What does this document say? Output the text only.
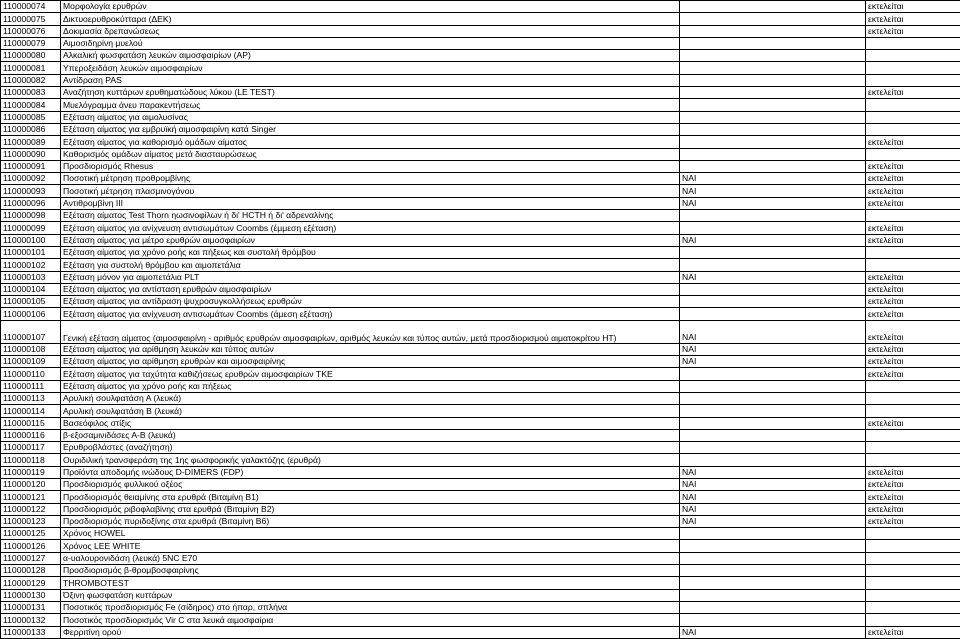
110000074	Μορφολογία ερυθρών		εκτελείται
110000075	Δικτυοερυθροκύτταρα (ΔΕΚ)		εκτελείται
110000076	Δοκιμασία δρεπανώσεως		εκτελείται
110000079	Αιμοσιδηρίνη μυελού		
110000080	Αλκαλική φωσφατάση λευκών αιμοσφαιρίων (AP)		
110000081	Υπεροξειδάση λευκών αιμοσφαιρίων		
110000082	Αντίδραση PAS		
110000083	Αναζήτηση κυττάρων ερυθηματώδους λύκου (LE TEST)		εκτελείται
110000084	Μυελόγραμμα άνευ παρακεντήσεως		
110000085	Εξέταση αίματος για αιμολυσίνας		
110000086	Εξέταση αίματος για εμβρυϊκή αιμοσφαιρίνη κατά Singer		
110000089	Εξέταση αίματος για καθορισμό ομάδων αίματος		εκτελείται
110000090	Καθορισμός ομάδων αίματος μετά διασταυρώσεως		
110000091	Προσδιορισμός Rhesus		εκτελείται
110000092	Ποσοτική μέτρηση προθρομβίνης	ΝΑΙ	εκτελείται
110000093	Ποσοτική μέτρηση πλασμινογόνου	ΝΑΙ	εκτελείται
110000096	Αντιθρομβίνη III	ΝΑΙ	εκτελείται
110000098	Εξέταση αίματος Test Thorn ηωσινοφίλων ή δι' HCTH ή δι' αδρεναλίνης		
110000099	Εξέταση αίματος για ανίχνευση αντισωμάτων Coombs (έμμεση εξέταση)		εκτελείται
110000100	Εξέταση αίματος για μέτρο ερυθρών αιμοσφαιρίων	ΝΑΙ	εκτελείται
110000101	Εξέταση αίματος για χρόνο ροής και πήξεως και συστολή θρόμβου		
110000102	Εξέταση για συστολή θρόμβου και αιμοπετάλια		
110000103	Εξέταση μόνον για αιμοπετάλια PLT	ΝΑΙ	εκτελείται
110000104	Εξέταση αίματος για αντίσταση ερυθρών αιμοσφαιρίων		εκτελείται
110000105	Εξέταση αίματος για αντίδραση ψυχροσυγκολλήσεως ερυθρών		εκτελείται
110000106	Εξέταση αίματος για ανίχνευση αντισωμάτων Coombs (άμεση εξέταση)		εκτελείται
110000107	Γενική εξέταση αίματος (αιμοσφαιρίνη - αριθμός ερυθρών αιμοσφαιρίων, αριθμός λευκών και τύπος αυτών, μετά προσδιορισμού αιματοκρίτου HT)	ΝΑΙ	εκτελείται
110000108	Εξέταση αίματος για αρίθμηση λευκών και τύπος αυτών	ΝΑΙ	εκτελείται
110000109	Εξέταση αίματος για αρίθμηση ερυθρών και αιμοσφαιρίνης	ΝΑΙ	εκτελείται
110000110	Εξέταση αίματος για ταχύτητα καθιζήσεως ερυθρών αιμοσφαιρίων TKE		εκτελείται
110000111	Εξέταση αίματος για χρόνο ροής και πήξεως		
110000113	Αρυλική σουλφατάση Α (λευκά)		
110000114	Αρυλική σουλφατάση Β (λευκά)		
110000115	Βασεόφιλος στίξις		εκτελείται
110000116	β-εξοσαμινιδάσες Α-Β (λευκά)		
110000117	Ερυθροβλάστες (αναζήτηση)		
110000118	Ουριδιλική τρανσφεράση της 1ης φωσφορικής γαλακτόζης (ερυθρά)		
110000119	Προϊόντα αποδομής ινώδους D-DIMERS (FDP)	ΝΑΙ	εκτελείται
110000120	Προσδιορισμός φυλλικού οξέος	ΝΑΙ	εκτελείται
110000121	Προσδιορισμός θειαμίνης στα ερυθρά (Βιταμίνη Β1)	ΝΑΙ	εκτελείται
110000122	Προσδιορισμός ριβοφλαβίνης στα ερυθρά (Βιταμίνη Β2)	ΝΑΙ	εκτελείται
110000123	Προσδιορισμός πυριδοξίνης στα ερυθρά (Βιταμίνη Β6)	ΝΑΙ	εκτελείται
110000125	Χρόνος HOWEL		
110000126	Χρόνος LEE WHITE		
110000127	α-υαλουρονιδάση (λευκά) 5NC E70		
110000128	Προσδιορισμός β-θρομβοσφαιρίνης		
110000129	THROMBOTEST		
110000130	Όξινη φωσφατάση κυττάρων		
110000131	Ποσοτικός προσδιορισμός Fe (σίδηρος) στο ήπαρ, σπλήνα		
110000132	Ποσοτικός προσδιορισμός Vir C στα λευκά αιμοσφαίρια		
110000133	Φερριτίνη ορού	ΝΑΙ	εκτελείται
